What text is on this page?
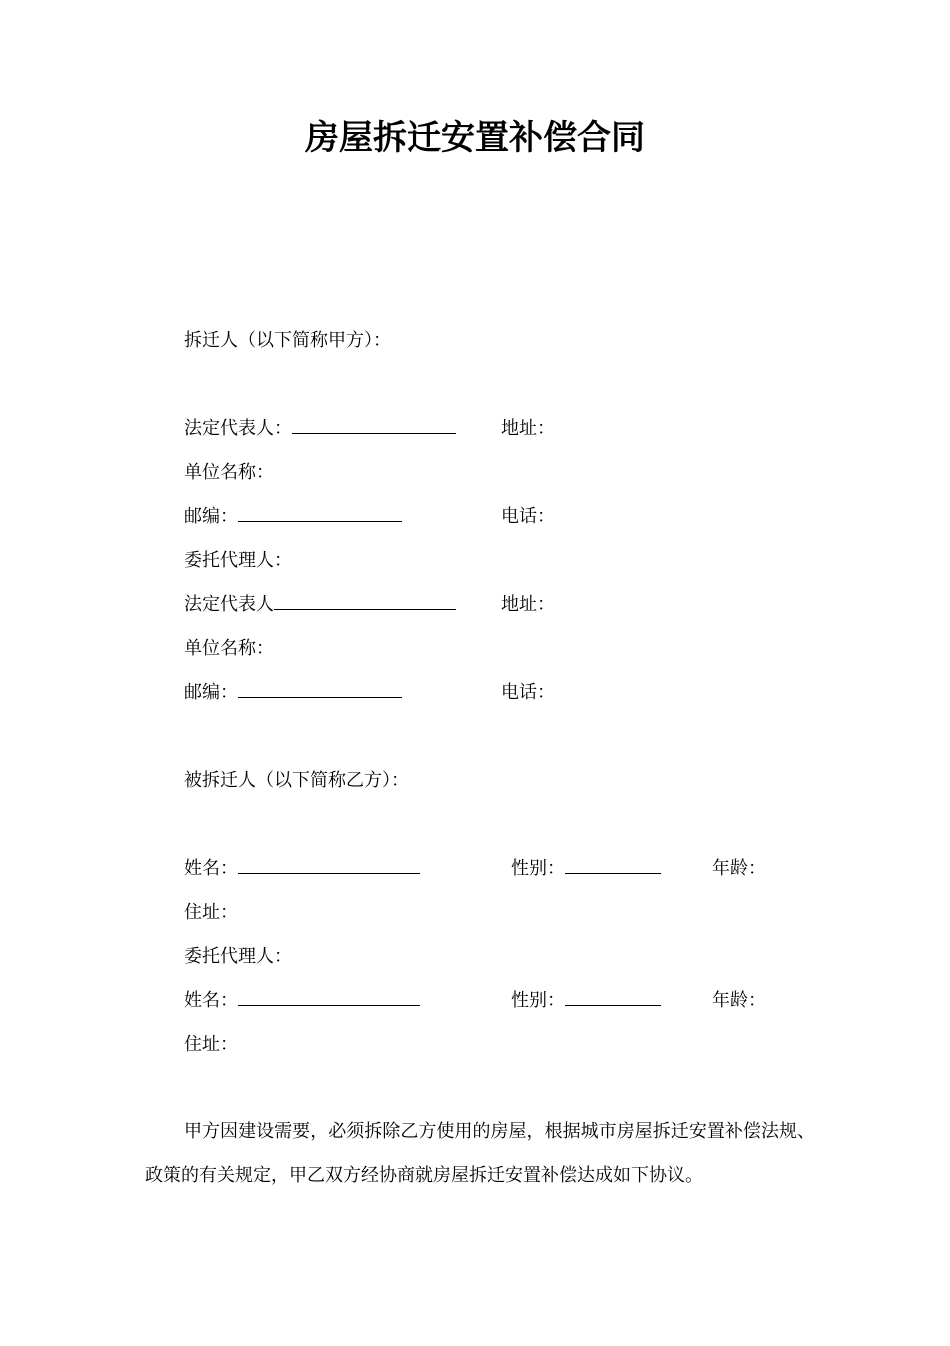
房屋拆迁安置补偿合同
拆迁人（以下简称甲方）：
法定代表人：	地址：
单位名称：
邮编：	电话：
委托代理人：
法定代表人	地址：
单位名称：
邮编：	电话：
被拆迁人（以下简称乙方）：
姓名：	性别：	年龄：
住址：
委托代理人：
姓名：	性别：	年龄：
住址：
甲方因建设需要，必须拆除乙方使用的房屋，根据城市房屋拆迁安置补偿法规、政策的有关规定，甲乙双方经协商就房屋拆迁安置补偿达成如下协议。
